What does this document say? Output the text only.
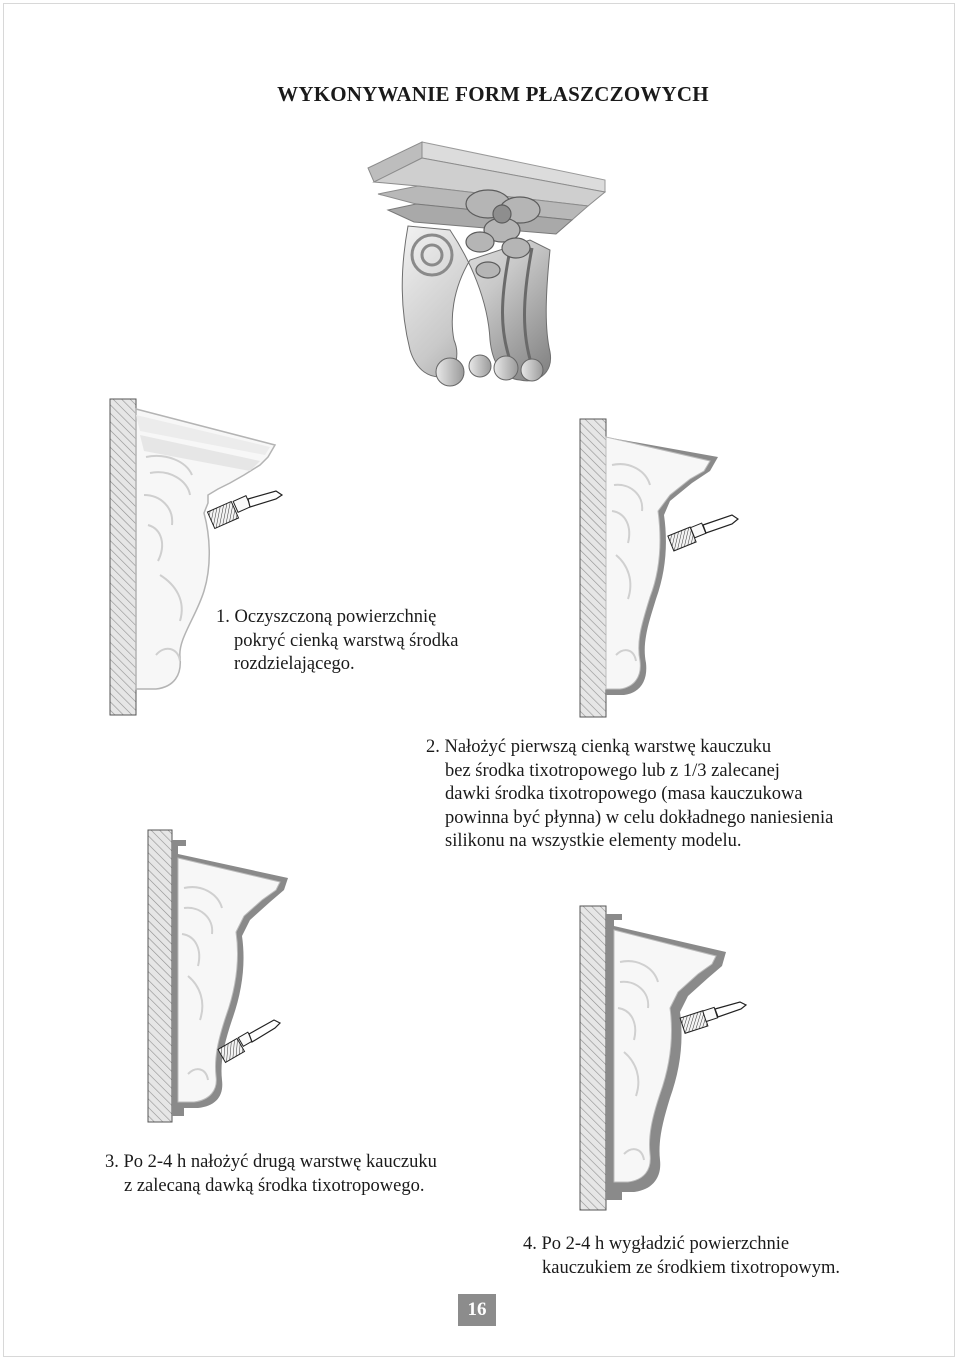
WYKONYWANIE FORM PŁASZCZOWYCH
1. Oczyszczoną powierzchnię
pokryć cienką warstwą środka
rozdzielającego.
2. Nałożyć pierwszą cienką warstwę kauczuku
bez środka tixotropowego lub z 1/3 zalecanej
dawki środka tixotropowego (masa kauczukowa
powinna być płynna) w celu dokładnego naniesienia
silikonu na wszystkie elementy modelu.
3. Po 2-4 h nałożyć drugą warstwę kauczuku
z zalecaną dawką środka tixotropowego.
4. Po 2-4 h wygładzić powierzchnie
kauczukiem ze środkiem tixotropowym.
16
